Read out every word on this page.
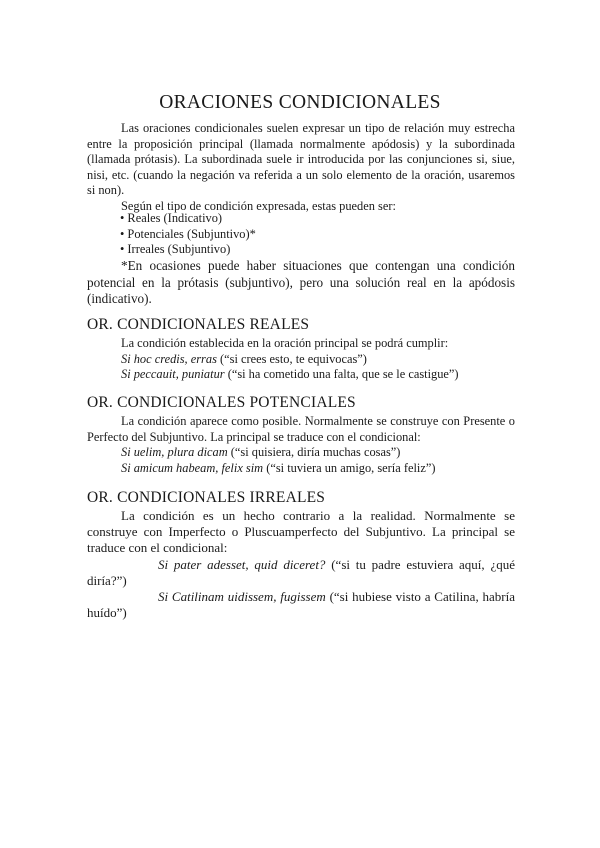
ORACIONES CONDICIONALES

Las oraciones condicionales suelen expresar un tipo de relación muy estrecha entre la proposición principal (llamada normalmente apódosis) y la subordinada (llamada prótasis). La subordinada suele ir introducida por las conjunciones si, siue, nisi, etc. (cuando la negación va referida a un solo elemento de la oración, usaremos si non).

Según el tipo de condición expresada, estas pueden ser:

• Reales (Indicativo)
• Potenciales (Subjuntivo)*
• Irreales (Subjuntivo)

*En ocasiones puede haber situaciones que contengan una condición potencial en la prótasis (subjuntivo), pero una solución real en la apódosis (indicativo).

OR. CONDICIONALES REALES

La condición establecida en la oración principal se podrá cumplir:

Si hoc credis, erras (“si crees esto, te equivocas”)

Si peccauit, puniatur (“si ha cometido una falta, que se le castigue”)

OR. CONDICIONALES POTENCIALES

La condición aparece como posible. Normalmente se construye con Presente o Perfecto del Subjuntivo. La principal se traduce con el condicional:

Si uelim, plura dicam (“si quisiera, diría muchas cosas”)

Si amicum habeam, felix sim (“si tuviera un amigo, sería feliz”)

OR. CONDICIONALES IRREALES

La condición es un hecho contrario a la realidad. Normalmente se construye con Imperfecto o Pluscuamperfecto del Subjuntivo. La principal se traduce con el condicional:

Si pater adesset, quid diceret? (“si tu padre estuviera aquí, ¿qué diría?”)

Si Catilinam uidissem, fugissem (“si hubiese visto a Catilina, habría huído”)
